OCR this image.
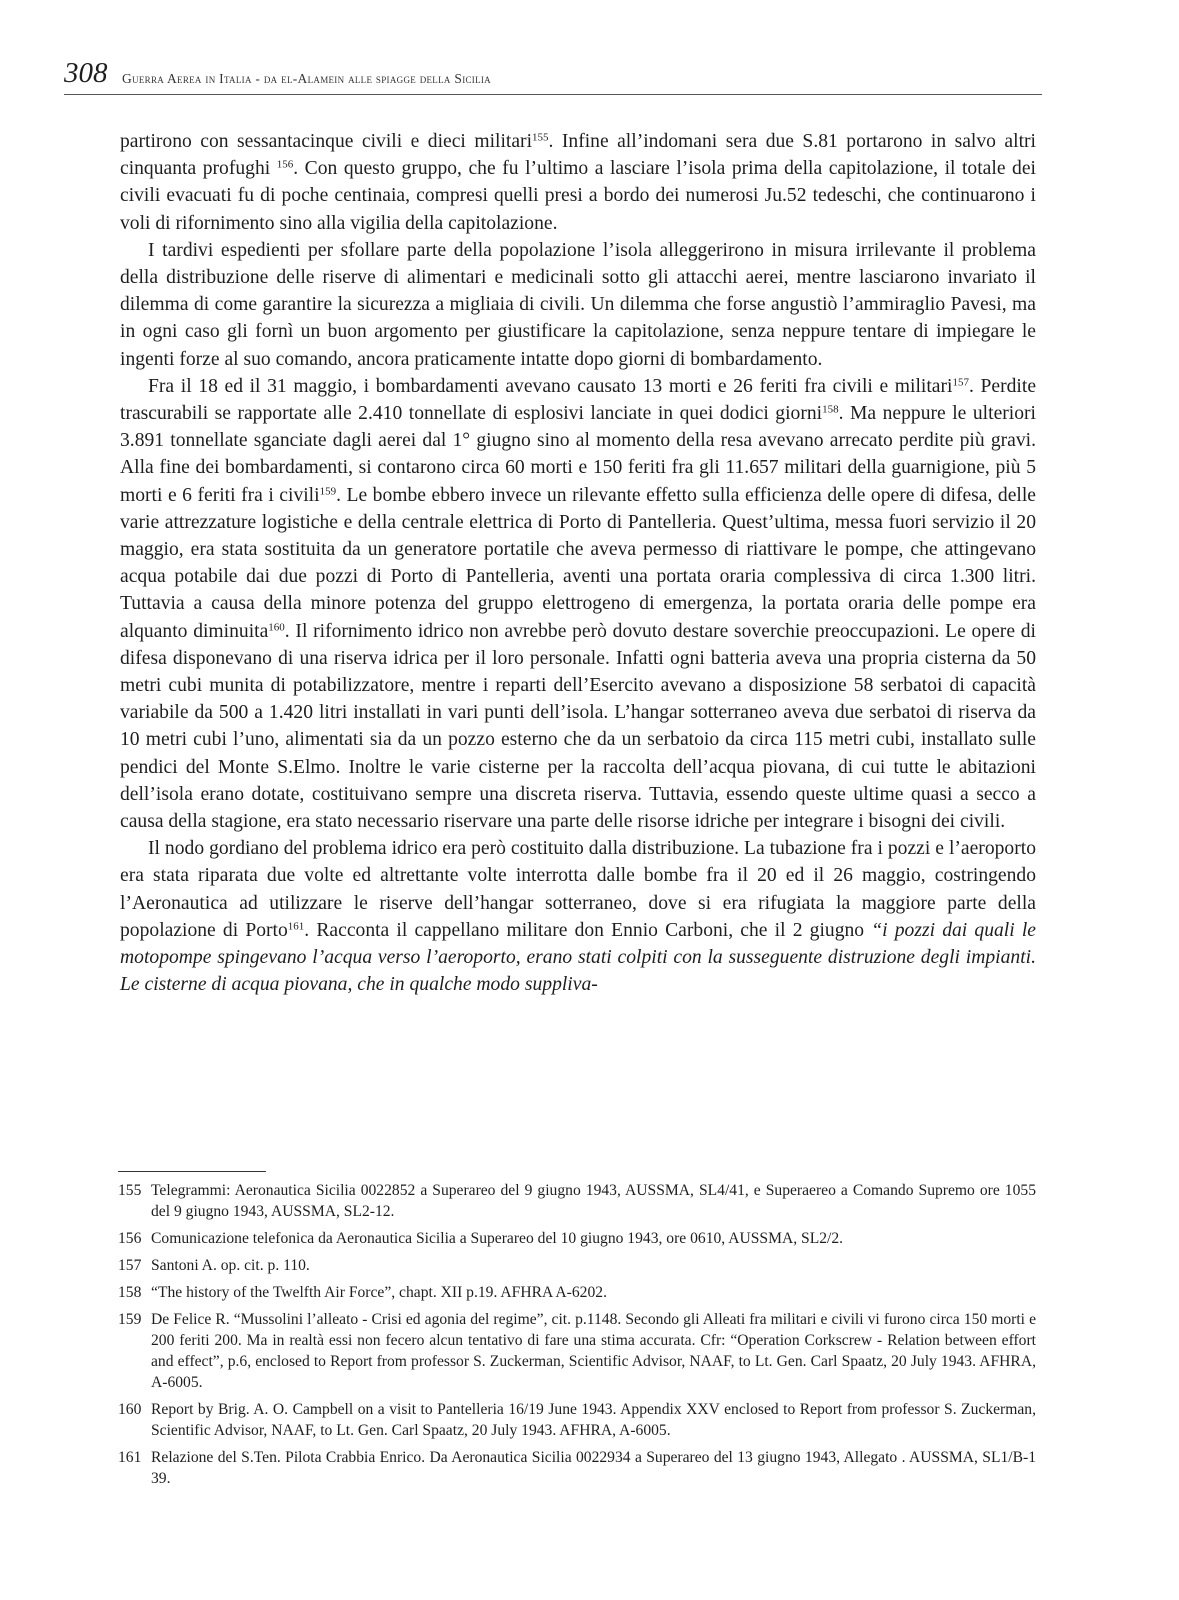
308 Guerra Aerea in Italia - da el-Alamein alle spiagge della Sicilia

partirono con sessantacinque civili e dieci militari$^{155}$. Infine all’indomani sera due S.81 portarono in salvo altri cinquanta profughi $^{156}$. Con questo gruppo, che fu l’ultimo a lasciare l’isola prima della capitolazione, il totale dei civili evacuati fu di poche centinaia, compresi quelli presi a bordo dei numerosi Ju.52 tedeschi, che continuarono i voli di rifornimento sino alla vigilia della capitolazione.

I tardivi espedienti per sfollare parte della popolazione l’isola alleggerirono in misura irrilevante il problema della distribuzione delle riserve di alimentari e medicinali sotto gli attacchi aerei, mentre lasciarono invariato il dilemma di come garantire la sicurezza a migliaia di civili. Un dilemma che forse angustiò l’ammiraglio Pavesi, ma in ogni caso gli fornì un buon argomento per giustificare la capitolazione, senza neppure tentare di impiegare le ingenti forze al suo comando, ancora praticamente intatte dopo giorni di bombardamento.

Fra il 18 ed il 31 maggio, i bombardamenti avevano causato 13 morti e 26 feriti fra civili e militari$^{157}$. Perdite trascurabili se rapportate alle 2.410 tonnellate di esplosivi lanciate in quei dodici giorni$^{158}$. Ma neppure le ulteriori 3.891 tonnellate sganciate dagli aerei dal 1° giugno sino al momento della resa avevano arrecato perdite più gravi. Alla fine dei bombardamenti, si contarono circa 60 morti e 150 feriti fra gli 11.657 militari della guarnigione, più 5 morti e 6 feriti fra i civili$^{159}$. Le bombe ebbero invece un rilevante effetto sulla efficienza delle opere di difesa, delle varie attrezzature logistiche e della centrale elettrica di Porto di Pantelleria. Quest’ultima, messa fuori servizio il 20 maggio, era stata sostituita da un generatore portatile che aveva permesso di riattivare le pompe, che attingevano acqua potabile dai due pozzi di Porto di Pantelleria, aventi una portata oraria complessiva di circa 1.300 litri. Tuttavia a causa della minore potenza del gruppo elettrogeno di emergenza, la portata oraria delle pompe era alquanto diminuita$^{160}$. Il rifornimento idrico non avrebbe però dovuto destare soverchie preoccupazioni. Le opere di difesa disponevano di una riserva idrica per il loro personale. Infatti ogni batteria aveva una propria cisterna da 50 metri cubi munita di potabilizzatore, mentre i reparti dell’Esercito avevano a disposizione 58 serbatoi di capacità variabile da 500 a 1.420 litri installati in vari punti dell’isola. L’hangar sotterraneo aveva due serbatoi di riserva da 10 metri cubi l’uno, alimentati sia da un pozzo esterno che da un serbatoio da circa 115 metri cubi, installato sulle pendici del Monte S.Elmo. Inoltre le varie cisterne per la raccolta dell’acqua piovana, di cui tutte le abitazioni dell’isola erano dotate, costituivano sempre una discreta riserva. Tuttavia, essendo queste ultime quasi a secco a causa della stagione, era stato necessario riservare una parte delle risorse idriche per integrare i bisogni dei civili.

Il nodo gordiano del problema idrico era però costituito dalla distribuzione. La tubazione fra i pozzi e l’aeroporto era stata riparata due volte ed altrettante volte interrotta dalle bombe fra il 20 ed il 26 maggio, costringendo l’Aeronautica ad utilizzare le riserve dell’hangar sotterraneo, dove si era rifugiata la maggiore parte della popolazione di Porto$^{161}$. Racconta il cappellano militare don Ennio Carboni, che il 2 giugno “i pozzi dai quali le motopompe spingevano l’acqua verso l’aeroporto, erano stati colpiti con la susseguente distruzione degli impianti. Le cisterne di acqua piovana, che in qualche modo suppliva-

155 Telegrammi: Aeronautica Sicilia 0022852 a Superareo del 9 giugno 1943, AUSSMA, SL4/41, e Superaereo a Comando Supremo ore 1055 del 9 giugno 1943, AUSSMA, SL2-12.
156 Comunicazione telefonica da Aeronautica Sicilia a Superareo del 10 giugno 1943, ore 0610, AUSSMA, SL2/2.
157 Santoni A. op. cit. p. 110.
158 “The history of the Twelfth Air Force”, chapt. XII p.19. AFHRA A-6202.
159 De Felice R. “Mussolini l’alleato - Crisi ed agonia del regime”, cit. p.1148. Secondo gli Alleati fra militari e civili vi furono circa 150 morti e 200 feriti 200. Ma in realtà essi non fecero alcun tentativo di fare una stima accurata. Cfr: “Operation Corkscrew - Relation between effort and effect”, p.6, enclosed to Report from professor S. Zuckerman, Scientific Advisor, NAAF, to Lt. Gen. Carl Spaatz, 20 July 1943. AFHRA, A-6005.
160 Report by Brig. A. O. Campbell on a visit to Pantelleria 16/19 June 1943. Appendix XXV enclosed to Report from professor S. Zuckerman, Scientific Advisor, NAAF, to Lt. Gen. Carl Spaatz, 20 July 1943. AFHRA, A-6005.
161 Relazione del S.Ten. Pilota Crabbia Enrico. Da Aeronautica Sicilia 0022934 a Superareo del 13 giugno 1943, Allegato . AUSSMA, SL1/B-1 39.
